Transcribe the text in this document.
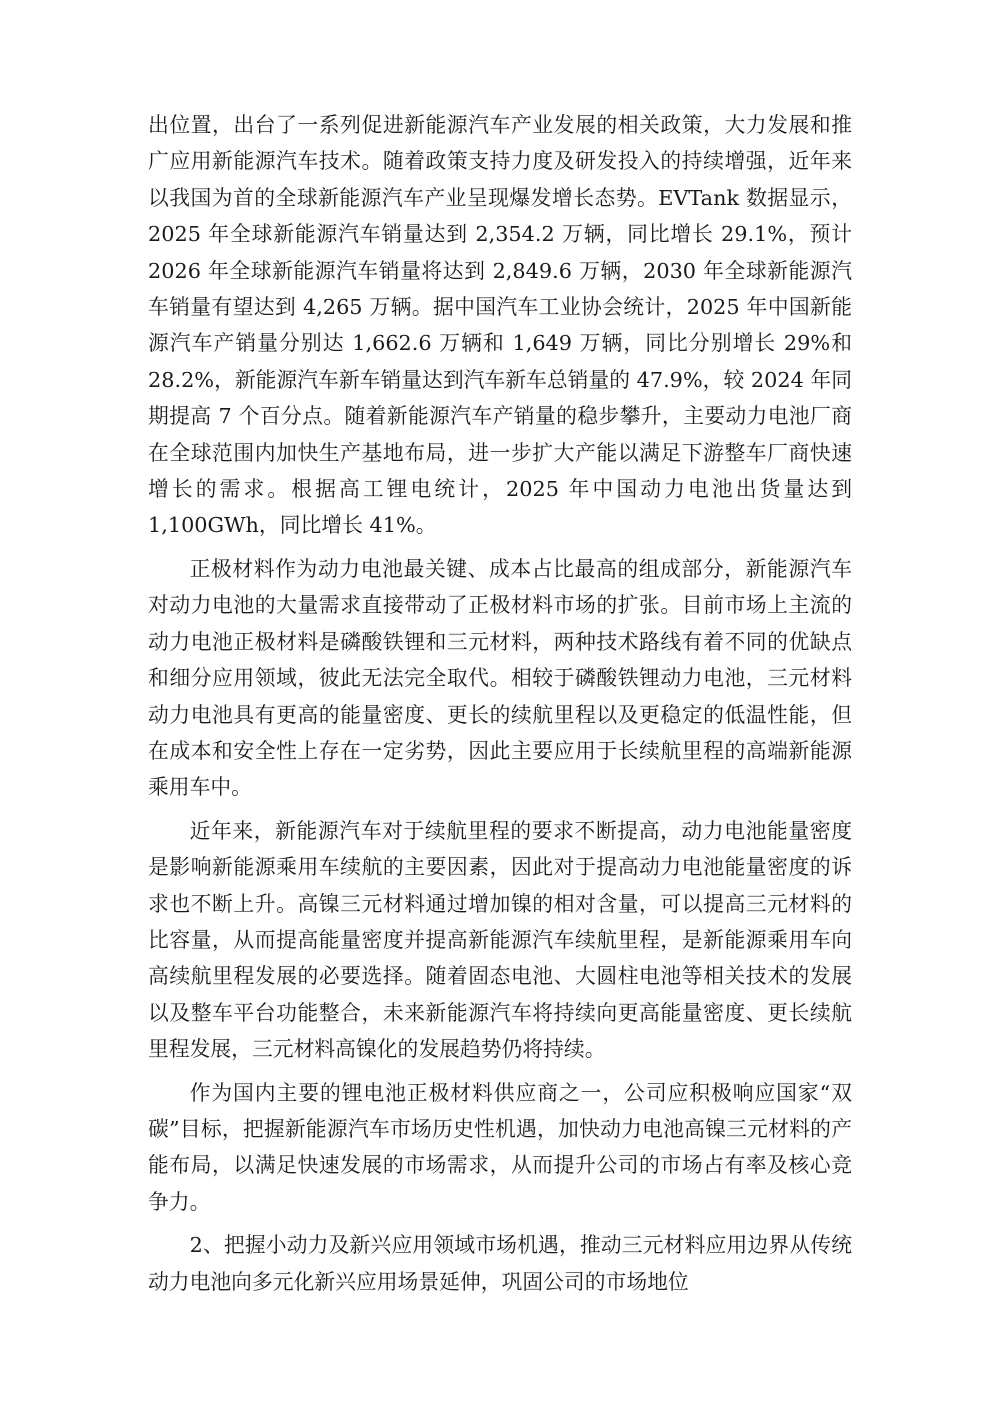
出位置，出台了一系列促进新能源汽车产业发展的相关政策，大力发展和推广应用新能源汽车技术。随着政策支持力度及研发投入的持续增强，近年来以我国为首的全球新能源汽车产业呈现爆发增长态势。EVTank 数据显示，2025 年全球新能源汽车销量达到 2,354.2 万辆，同比增长 29.1%，预计 2026 年全球新能源汽车销量将达到 2,849.6 万辆，2030 年全球新能源汽车销量有望达到 4,265 万辆。据中国汽车工业协会统计，2025 年中国新能源汽车产销量分别达 1,662.6 万辆和 1,649 万辆，同比分别增长 29%和 28.2%，新能源汽车新车销量达到汽车新车总销量的 47.9%，较 2024 年同期提高 7 个百分点。随着新能源汽车产销量的稳步攀升，主要动力电池厂商在全球范围内加快生产基地布局，进一步扩大产能以满足下游整车厂商快速增长的需求。根据高工锂电统计，2025 年中国动力电池出货量达到 1,100GWh，同比增长 41%。

正极材料作为动力电池最关键、成本占比最高的组成部分，新能源汽车对动力电池的大量需求直接带动了正极材料市场的扩张。目前市场上主流的动力电池正极材料是磷酸铁锂和三元材料，两种技术路线有着不同的优缺点和细分应用领域，彼此无法完全取代。相较于磷酸铁锂动力电池，三元材料动力电池具有更高的能量密度、更长的续航里程以及更稳定的低温性能，但在成本和安全性上存在一定劣势，因此主要应用于长续航里程的高端新能源乘用车中。

近年来，新能源汽车对于续航里程的要求不断提高，动力电池能量密度是影响新能源乘用车续航的主要因素，因此对于提高动力电池能量密度的诉求也不断上升。高镍三元材料通过增加镍的相对含量，可以提高三元材料的比容量，从而提高能量密度并提高新能源汽车续航里程，是新能源乘用车向高续航里程发展的必要选择。随着固态电池、大圆柱电池等相关技术的发展以及整车平台功能整合，未来新能源汽车将持续向更高能量密度、更长续航里程发展，三元材料高镍化的发展趋势仍将持续。

作为国内主要的锂电池正极材料供应商之一，公司应积极响应国家“双碳”目标，把握新能源汽车市场历史性机遇，加快动力电池高镍三元材料的产能布局，以满足快速发展的市场需求，从而提升公司的市场占有率及核心竞争力。

2、把握小动力及新兴应用领域市场机遇，推动三元材料应用边界从传统动力电池向多元化新兴应用场景延伸，巩固公司的市场地位
